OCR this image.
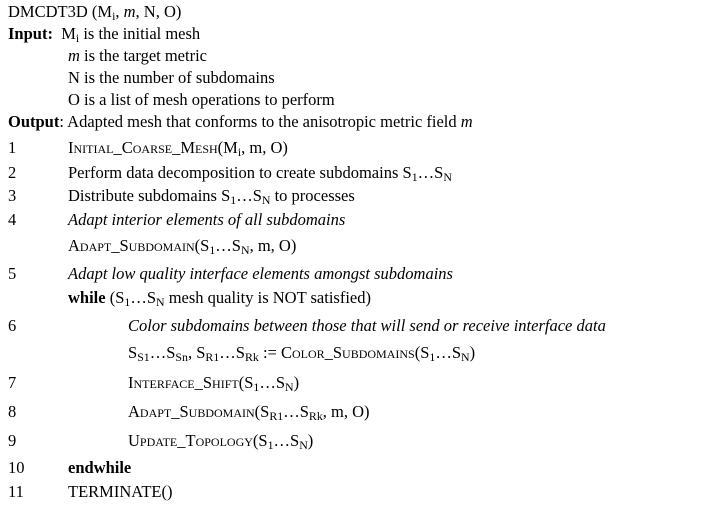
DMCDT3D ($M_i$, m, N, O)
Input: $M_i$ is the initial mesh
m is the target metric
N is the number of subdomains
O is a list of mesh operations to perform
Output: Adapted mesh that conforms to the anisotropic metric field m
1	$Initial\_Coarse\_Mesh(M_i$, m, O)
2	Perform data decomposition to create subdomains $S_1\dots S_N$
3	Distribute subdomains $S_1\dots S_N$ to processes
4	Adapt interior elements of all subdomains
$Adapt\_Subdomain(S_1\dots S_N$, m, O)
5	Adapt low quality interface elements amongst subdomains
while ($S_1\dots S_N$ mesh quality is NOT satisfied)
6	Color subdomains between those that will send or receive interface data
$S_{S1}\dots S_{Sn}$, $S_{R1}\dots S_{Rk}$ := $Color\_Subdomains(S_1\dots S_N)$
7	$Interface\_Shift(S_1\dots S_N)$
8	$Adapt\_Subdomain(S_{R1}\dots S_{Rk}$, m, O)
9	$Update\_Topology(S_1\dots S_N)$
10	endwhile
11	TERMINATE()
